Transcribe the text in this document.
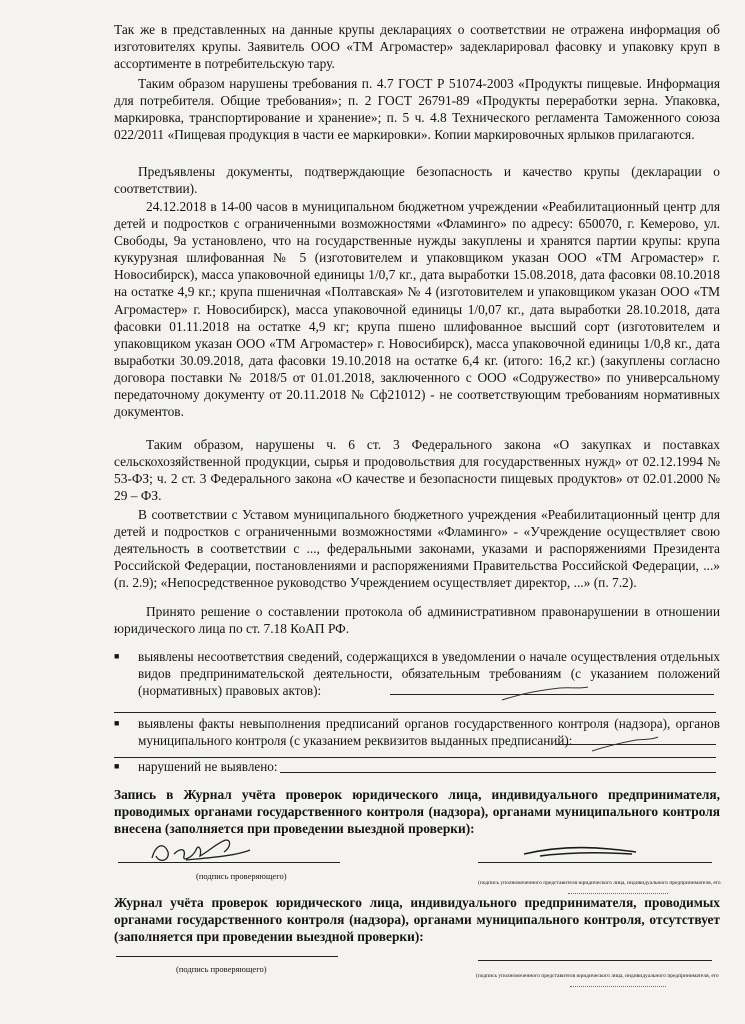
Так же в представленных на данные крупы декларациях о соответствии не отражена информация об изготовителях крупы. Заявитель ООО «ТМ Агромастер» задекларировал фасовку и упаковку круп в ассортименте в потребительскую тару.
Таким образом нарушены требования п. 4.7 ГОСТ Р 51074-2003 «Продукты пищевые. Информация для потребителя. Общие требования»; п. 2 ГОСТ 26791-89 «Продукты переработки зерна. Упаковка, маркировка, транспортирование и хранение»; п. 5 ч. 4.8 Технического регламента Таможенного союза 022/2011 «Пищевая продукция в части ее маркировки». Копии маркировочных ярлыков прилагаются.
Предъявлены документы, подтверждающие безопасность и качество крупы (декларации о соответствии).
24.12.2018 в 14-00 часов в муниципальном бюджетном учреждении «Реабилитационный центр для детей и подростков с ограниченными возможностями «Фламинго» по адресу: 650070, г. Кемерово, ул. Свободы, 9а установлено, что на государственные нужды закуплены и хранятся партии крупы: крупа кукурузная шлифованная № 5 (изготовителем и упаковщиком указан ООО «ТМ Агромастер» г. Новосибирск), масса упаковочной единицы 1/0,7 кг., дата выработки 15.08.2018, дата фасовки 08.10.2018 на остатке 4,9 кг.; крупа пшеничная «Полтавская» № 4 (изготовителем и упаковщиком указан ООО «ТМ Агромастер» г. Новосибирск), масса упаковочной единицы 1/0,07 кг., дата выработки 28.10.2018, дата фасовки 01.11.2018 на остатке 4,9 кг; крупа пшено шлифованное высший сорт (изготовителем и упаковщиком указан ООО «ТМ Агромастер» г. Новосибирск), масса упаковочной единицы 1/0,8 кг., дата выработки 30.09.2018, дата фасовки 19.10.2018 на остатке 6,4 кг. (итого: 16,2 кг.) (закуплены согласно договора поставки № 2018/5 от 01.01.2018, заключенного с ООО «Содружество» по универсальному передаточному документу от 20.11.2018 № Сф21012) - не соответствующим требованиям нормативных документов.
Таким образом, нарушены ч. 6 ст. 3 Федерального закона «О закупках и поставках сельскохозяйственной продукции, сырья и продовольствия для государственных нужд» от 02.12.1994 № 53-ФЗ; ч. 2 ст. 3 Федерального закона «О качестве и безопасности пищевых продуктов» от 02.01.2000 № 29 – ФЗ.
В соответствии с Уставом муниципального бюджетного учреждения «Реабилитационный центр для детей и подростков с ограниченными возможностями «Фламинго» - «Учреждение осуществляет свою деятельность в соответствии с ..., федеральными законами, указами и распоряжениями Президента Российской Федерации, постановлениями и распоряжениями Правительства Российской Федерации, ...» (п. 2.9); «Непосредственное руководство Учреждением осуществляет директор, ...» (п. 7.2).
Принято решение о составлении протокола об административном правонарушении в отношении юридического лица по ст. 7.18 КоАП РФ.
■	выявлены несоответствия сведений, содержащихся в уведомлении о начале осуществления отдельных видов предпринимательской деятельности, обязательным требованиям (с указанием положений (нормативных) правовых актов):
■	выявлены факты невыполнения предписаний органов государственного контроля (надзора), органов муниципального контроля (с указанием реквизитов выданных предписаний):
■	нарушений не выявлено:
Запись в Журнал учёта проверок юридического лица, индивидуального предпринимателя, проводимых органами государственного контроля (надзора), органами муниципального контроля внесена (заполняется при проведении выездной проверки):
(подпись проверяющего)
(подпись уполномоченного представителя юридического лица, индивидуального предпринимателя, его
Журнал учёта проверок юридического лица, индивидуального предпринимателя, проводимых органами государственного контроля (надзора), органами муниципального контроля, отсутствует (заполняется при проведении выездной проверки):
(подпись проверяющего)
(подпись уполномоченного представителя юридического лица, индивидуального предпринимателя, его
